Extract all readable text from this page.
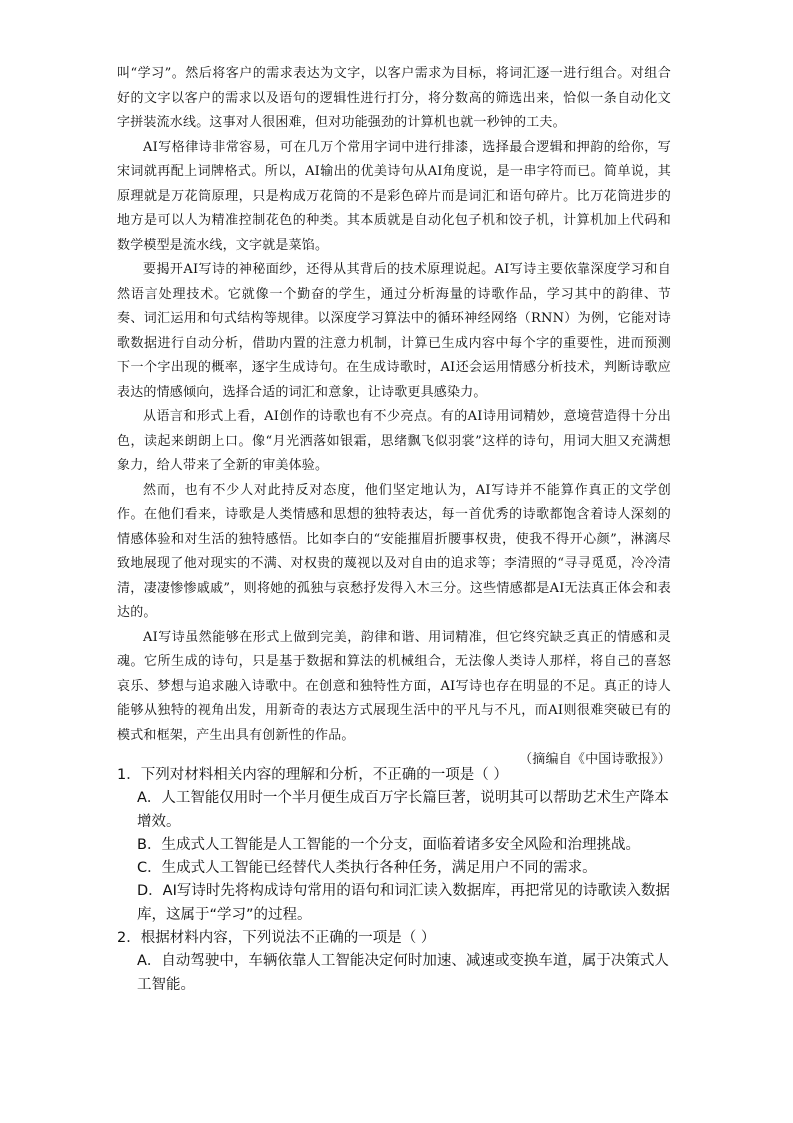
叫“学习”。然后将客户的需求表达为文字，以客户需求为目标，将词汇逐一进行组合。对组合好的文字以客户的需求以及语句的逻辑性进行打分，将分数高的筛选出来，恰似一条自动化文字拼装流水线。这事对人很困难，但对功能强劲的计算机也就一秒钟的工夫。

AI写格律诗非常容易，可在几万个常用字词中进行排漆，选择最合逻辑和押韵的给你，写宋词就再配上词牌格式。所以，AI输出的优美诗句从AI角度说，是一串字符而已。简单说，其原理就是万花筒原理，只是构成万花筒的不是彩色碎片而是词汇和语句碎片。比万花筒进步的地方是可以人为精准控制花色的种类。其本质就是自动化包子机和饺子机，计算机加上代码和数学模型是流水线，文字就是菜馅。

要揭开AI写诗的神秘面纱，还得从其背后的技术原理说起。AI写诗主要依靠深度学习和自然语言处理技术。它就像一个勤奋的学生，通过分析海量的诗歌作品，学习其中的韵律、节奏、词汇运用和句式结构等规律。以深度学习算法中的循环神经网络（RNN）为例，它能对诗歌数据进行自动分析，借助内置的注意力机制，计算已生成内容中每个字的重要性，进而预测下一个字出现的概率，逐字生成诗句。在生成诗歌时，AI还会运用情感分析技术，判断诗歌应表达的情感倾向，选择合适的词汇和意象，让诗歌更具感染力。

从语言和形式上看，AI创作的诗歌也有不少亮点。有的AI诗用词精妙，意境营造得十分出色，读起来朗朗上口。像“月光洒落如银霜，思绪飘飞似羽裳”这样的诗句，用词大胆又充满想象力，给人带来了全新的审美体验。

然而，也有不少人对此持反对态度，他们坚定地认为，AI写诗并不能算作真正的文学创作。在他们看来，诗歌是人类情感和思想的独特表达，每一首优秀的诗歌都饱含着诗人深刻的情感体验和对生活的独特感悟。比如李白的“安能摧眉折腰事权贵，使我不得开心颜”，淋漓尽致地展现了他对现实的不满、对权贵的蔑视以及对自由的追求等；李清照的“寻寻觅觅，冷冷清清，凄凄惨惨戚戚”，则将她的孤独与哀愁抒发得入木三分。这些情感都是AI无法真正体会和表达的。

AI写诗虽然能够在形式上做到完美，韵律和谐、用词精准，但它终究缺乏真正的情感和灵魂。它所生成的诗句，只是基于数据和算法的机械组合，无法像人类诗人那样，将自己的喜怒哀乐、梦想与追求融入诗歌中。在创意和独特性方面，AI写诗也存在明显的不足。真正的诗人能够从独特的视角出发，用新奇的表达方式展现生活中的平凡与不凡，而AI则很难突破已有的模式和框架，产生出具有创新性的作品。

（摘编自《中国诗歌报》）

1．下列对材料相关内容的理解和分析，不正确的一项是（ ）

A．人工智能仅用时一个半月便生成百万字长篇巨著，说明其可以帮助艺术生产降本增效。

B．生成式人工智能是人工智能的一个分支，面临着诸多安全风险和治理挑战。

C．生成式人工智能已经替代人类执行各种任务，满足用户不同的需求。

D．AI写诗时先将构成诗句常用的语句和词汇读入数据库，再把常见的诗歌读入数据库，这属于“学习”的过程。

2．根据材料内容，下列说法不正确的一项是（ ）

A．自动驾驶中，车辆依靠人工智能决定何时加速、减速或变换车道，属于决策式人工智能。
